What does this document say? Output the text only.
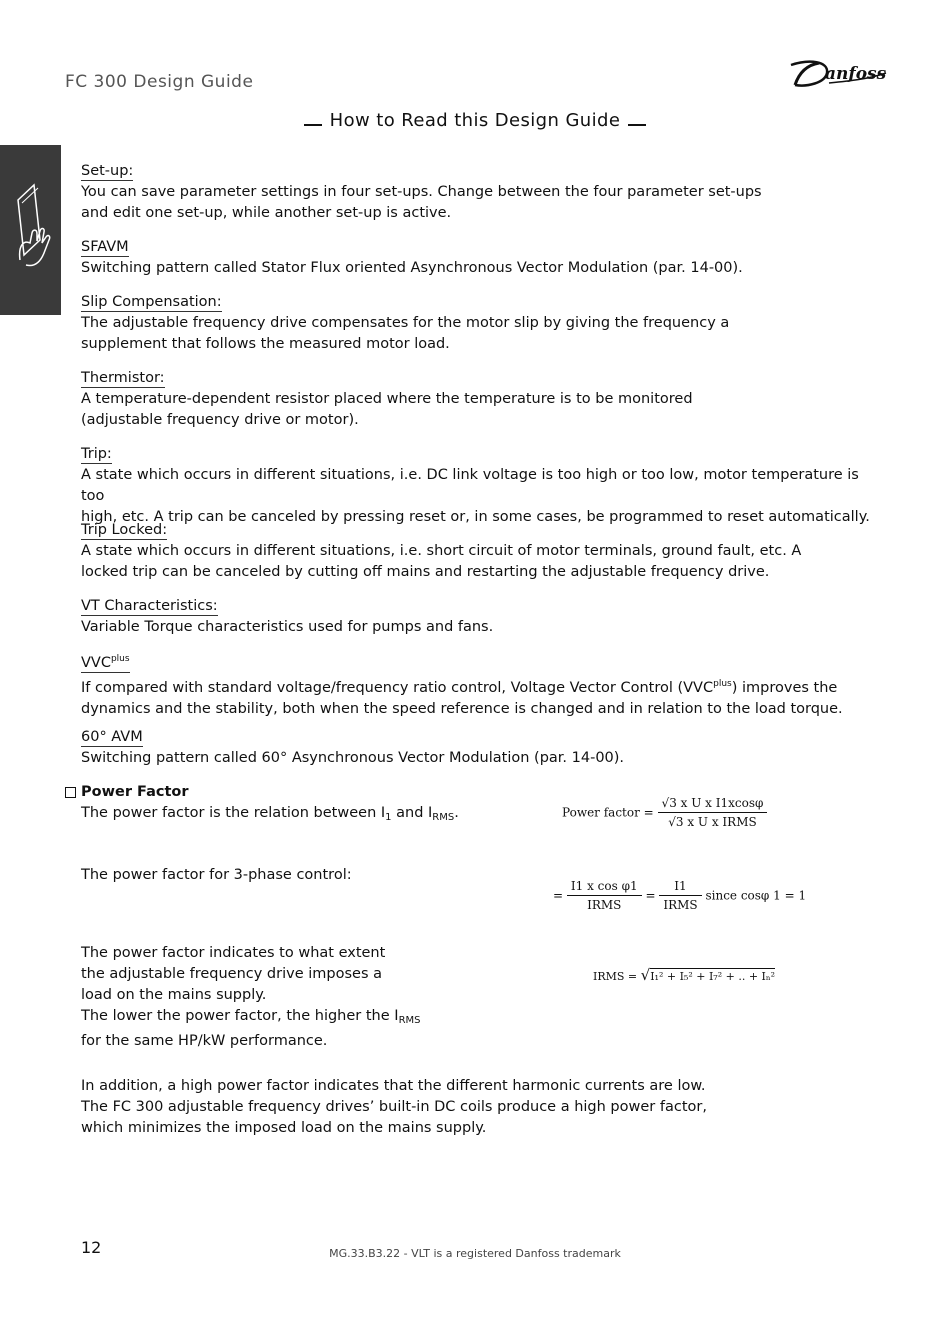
FC 300 Design Guide	anfoss
How to Read this Design Guide
Set-up:

You can save parameter settings in four set-ups. Change between the four parameter set-ups

and edit one set-up, while another set-up is active.

SFAVM

Switching pattern called Stator Flux oriented Asynchronous Vector Modulation (par. 14-00).

Slip Compensation:

The adjustable frequency drive compensates for the motor slip by giving the frequency a

supplement that follows the measured motor load.

Thermistor:

A temperature-dependent resistor placed where the temperature is to be monitored

(adjustable frequency drive or motor).

Trip:

A state which occurs in different situations, i.e. DC link voltage is too high or too low, motor temperature is too

high, etc. A trip can be canceled by pressing reset or, in some cases, be programmed to reset automatically.

Trip Locked:

A state which occurs in different situations, i.e. short circuit of motor terminals, ground fault, etc. A

locked trip can be canceled by cutting off mains and restarting the adjustable frequency drive.

VT Characteristics:

Variable Torque characteristics used for pumps and fans.

$VVC^{plus}$

If compared with standard voltage/frequency ratio control, Voltage Vector Control $(VVC^{plus})$ improves the

dynamics and the stability, both when the speed reference is changed and in relation to the load torque.

60° AVM

Switching pattern called 60° Asynchronous Vector Modulation (par. 14-00).

Power Factor
The power factor is the relation between $I_1$ and $I_{RMS}$.	Power factor = $\frac{\text{√3 x U x I1xcosφ}}{\text{√3 x U x IRMS}}$
The power factor for 3-phase control:
= $\frac{\text{I1 x cos φ1}}{\text{IRMS}} = \frac{I1}{\text{IRMS}}$ since cosφ 1 = 1

The power factor indicates to what extent

the adjustable frequency drive imposes a

load on the mains supply.

The lower the power factor, the higher the $I_{RMS}$

for the same HP/kW performance.

IRMS = √I₁² + I₅² + I₇² + .. + Iₙ²

In addition, a high power factor indicates that the different harmonic currents are low.

The FC 300 adjustable frequency drives’ built-in DC coils produce a high power factor,

which minimizes the imposed load on the mains supply.

12	MG.33.B3.22 - VLT is a registered Danfoss trademark
